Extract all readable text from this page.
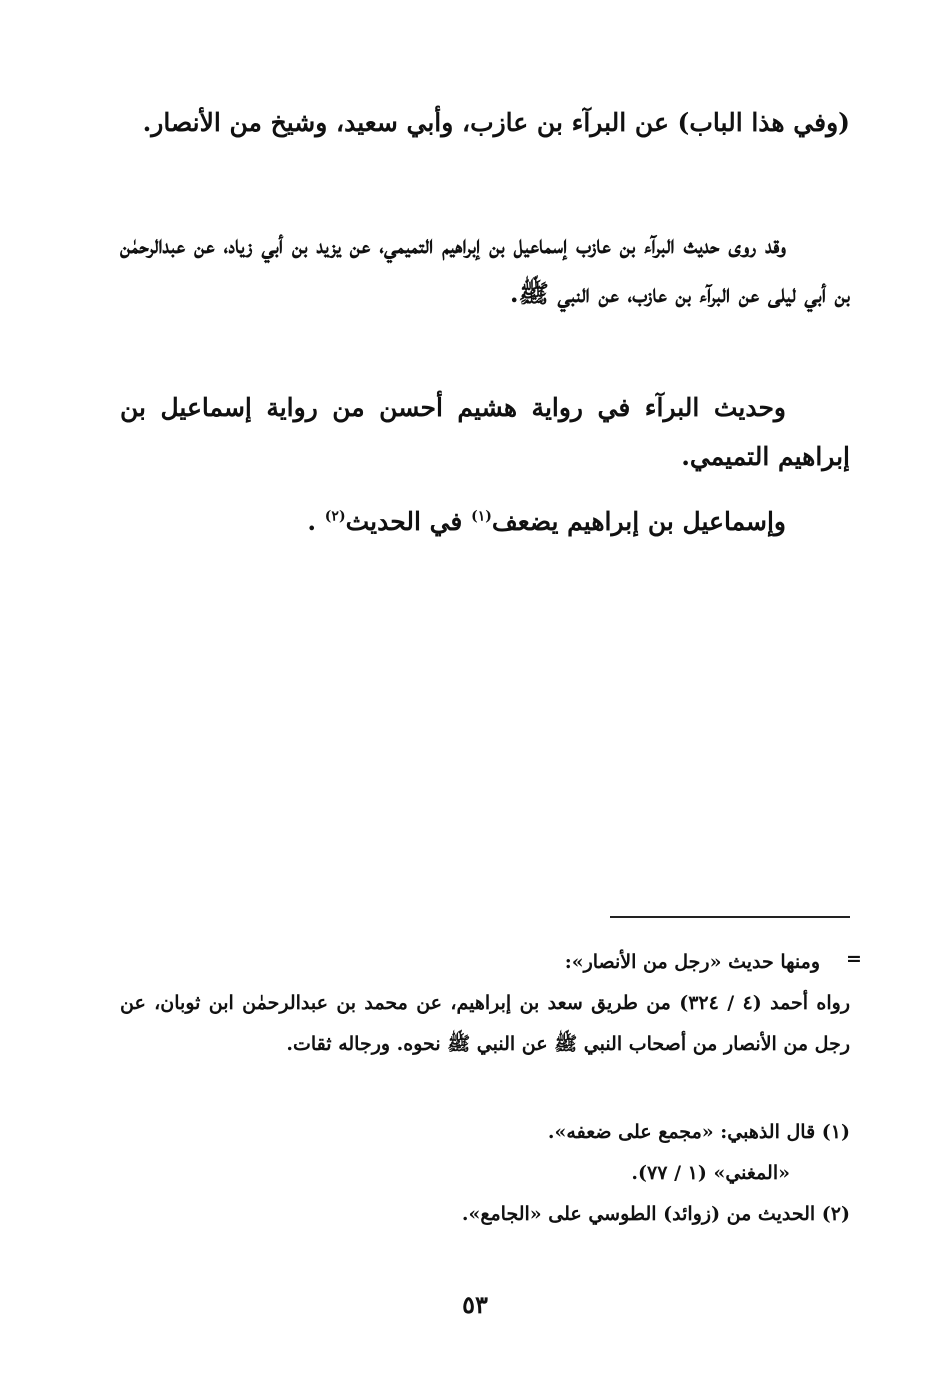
(وفي هذا الباب) عن البرآء بن عازب، وأبي سعيد، وشيخ من الأنصار.
وقد روى حديث البرآء بن عازب إسماعيل بن إبراهيم التميمي، عن يزيد بن أبي زياد، عن عبدالرحمٰن بن أبي ليلى عن البرآء بن عازب، عن النبي ﷺ.
وحديث البرآء في رواية هشيم أحسن من رواية إسماعيل بن إبراهيم التميمي.
وإسماعيل بن إبراهيم يضعف$^{(١)}$ في الحديث$^{(٢)}$ .
=
ومنها حديث «رجل من الأنصار»:
رواه أحمد (٤ / ٣٢٤) من طريق سعد بن إبراهيم، عن محمد بن عبدالرحمٰن ابن ثوبان، عن رجل من الأنصار من أصحاب النبي ﷺ عن النبي ﷺ نحوه. ورجاله ثقات.
(١) قال الذهبي: «مجمع على ضعفه».
«المغني» (١ / ٧٧).
(٢) الحديث من (زوائد) الطوسي على «الجامع».
٥٣
